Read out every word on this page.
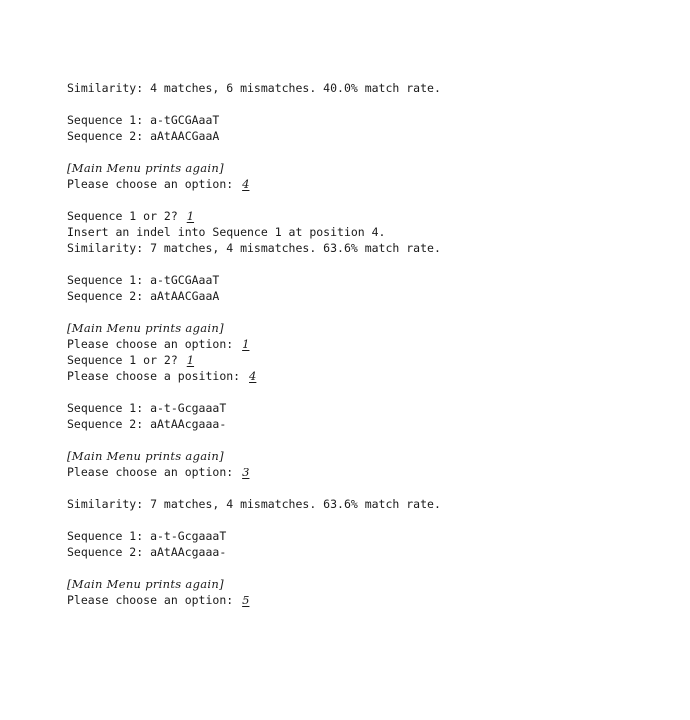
Similarity: 4 matches, 6 mismatches. 40.0% match rate.
Sequence 1: a-tGCGAaaT
Sequence 2: aAtAACGaaA
[Main Menu prints again]
Please choose an option: 4
Sequence 1 or 2? 1
Insert an indel into Sequence 1 at position 4.
Similarity: 7 matches, 4 mismatches. 63.6% match rate.
Sequence 1: a-tGCGAaaT
Sequence 2: aAtAACGaaA
[Main Menu prints again]
Please choose an option: 1
Sequence 1 or 2? 1
Please choose a position: 4
Sequence 1: a-t-GcgaaaT
Sequence 2: aAtAAcgaaa-
[Main Menu prints again]
Please choose an option: 3
Similarity: 7 matches, 4 mismatches. 63.6% match rate.
Sequence 1: a-t-GcgaaaT
Sequence 2: aAtAAcgaaa-
[Main Menu prints again]
Please choose an option: 5
